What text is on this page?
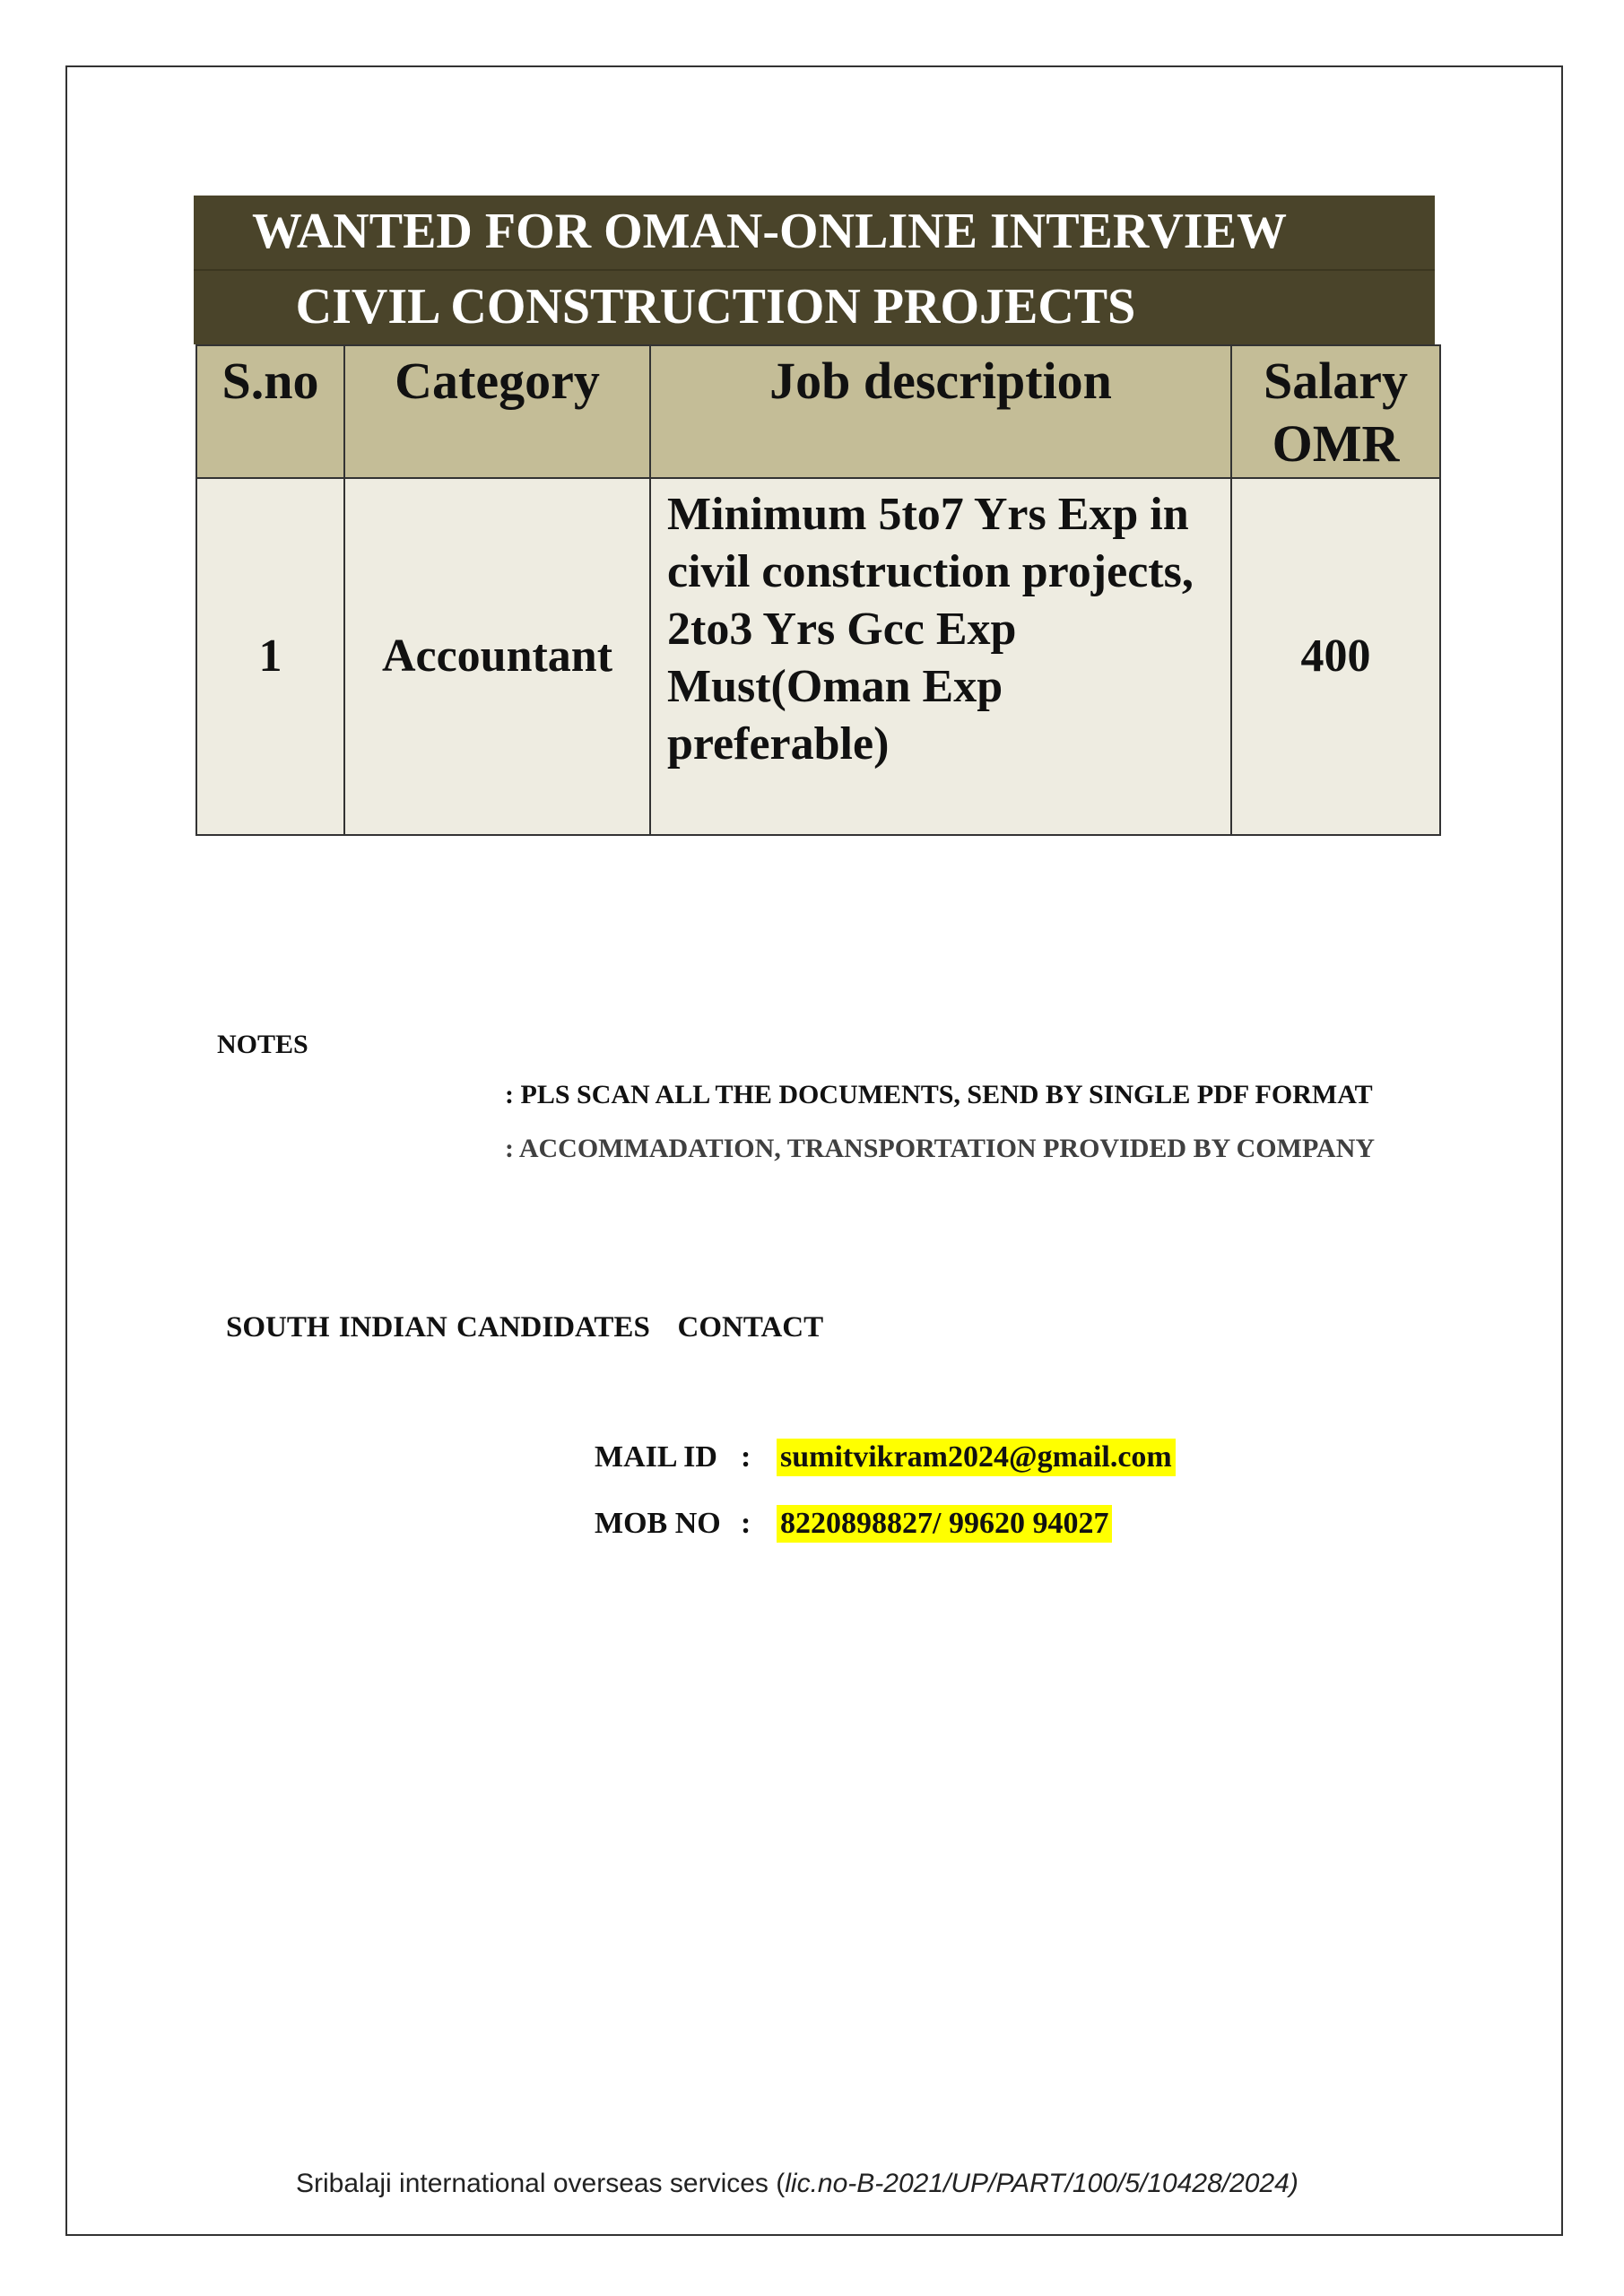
WANTED FOR OMAN-ONLINE INTERVIEW
CIVIL CONSTRUCTION PROJECTS
S.no	Category	Job description	Salary OMR
1	Accountant	Minimum 5to7 Yrs Exp in civil construction projects, 2to3 Yrs Gcc Exp Must(Oman Exp preferable)	400
NOTES
: PLS SCAN ALL THE DOCUMENTS, SEND BY SINGLE PDF FORMAT
: ACCOMMADATION, TRANSPORTATION PROVIDED BY COMPANY
SOUTH INDIAN CANDIDATES   CONTACT
MAIL ID : sumitvikram2024@gmail.com
MOB NO : 8220898827/ 99620 94027
Sribalaji international overseas services (lic.no-B-2021/UP/PART/100/5/10428/2024)
